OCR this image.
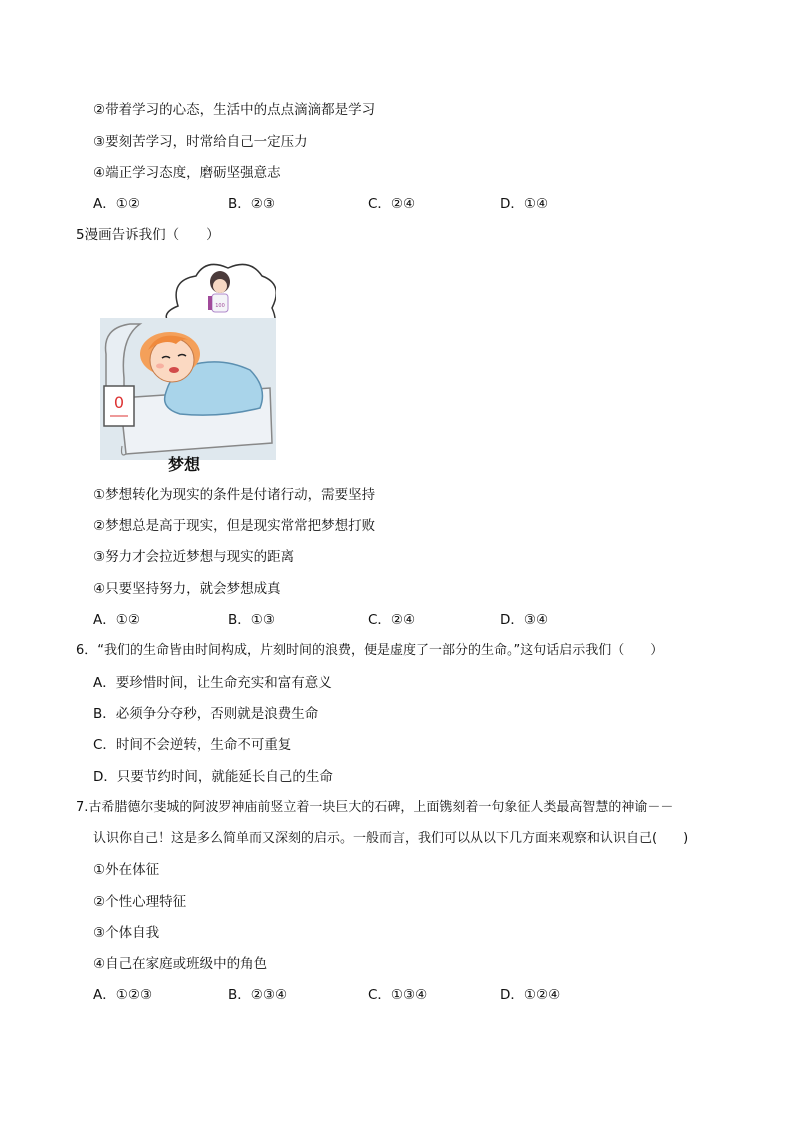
②带着学习的心态，生活中的点点滴滴都是学习
③要刻苦学习，时常给自己一定压力
④端正学习态度，磨砺坚强意志
A．①②	B．②③	C．②④	D．①④
5漫画告诉我们（　　）
100
0
梦想
①梦想转化为现实的条件是付诸行动，需要坚持
②梦想总是高于现实，但是现实常常把梦想打败
③努力才会拉近梦想与现实的距离
④只要坚持努力，就会梦想成真
A．①②	B．①③	C．②④	D．③④
6．“我们的生命皆由时间构成，片刻时间的浪费，便是虚度了一部分的生命。”这句话启示我们（　　）
A．要珍惜时间，让生命充实和富有意义
B．必须争分夺秒，否则就是浪费生命
C．时间不会逆转，生命不可重复
D．只要节约时间，就能延长自己的生命
7.古希腊德尔斐城的阿波罗神庙前竖立着一块巨大的石碑，上面镌刻着一句象征人类最高智慧的神谕－－
认识你自己！这是多么简单而又深刻的启示。一般而言，我们可以从以下几方面来观察和认识自己(　　)
①外在体征
②个性心理特征
③个体自我
④自己在家庭或班级中的角色
A．①②③	B．②③④	C．①③④	D．①②④
